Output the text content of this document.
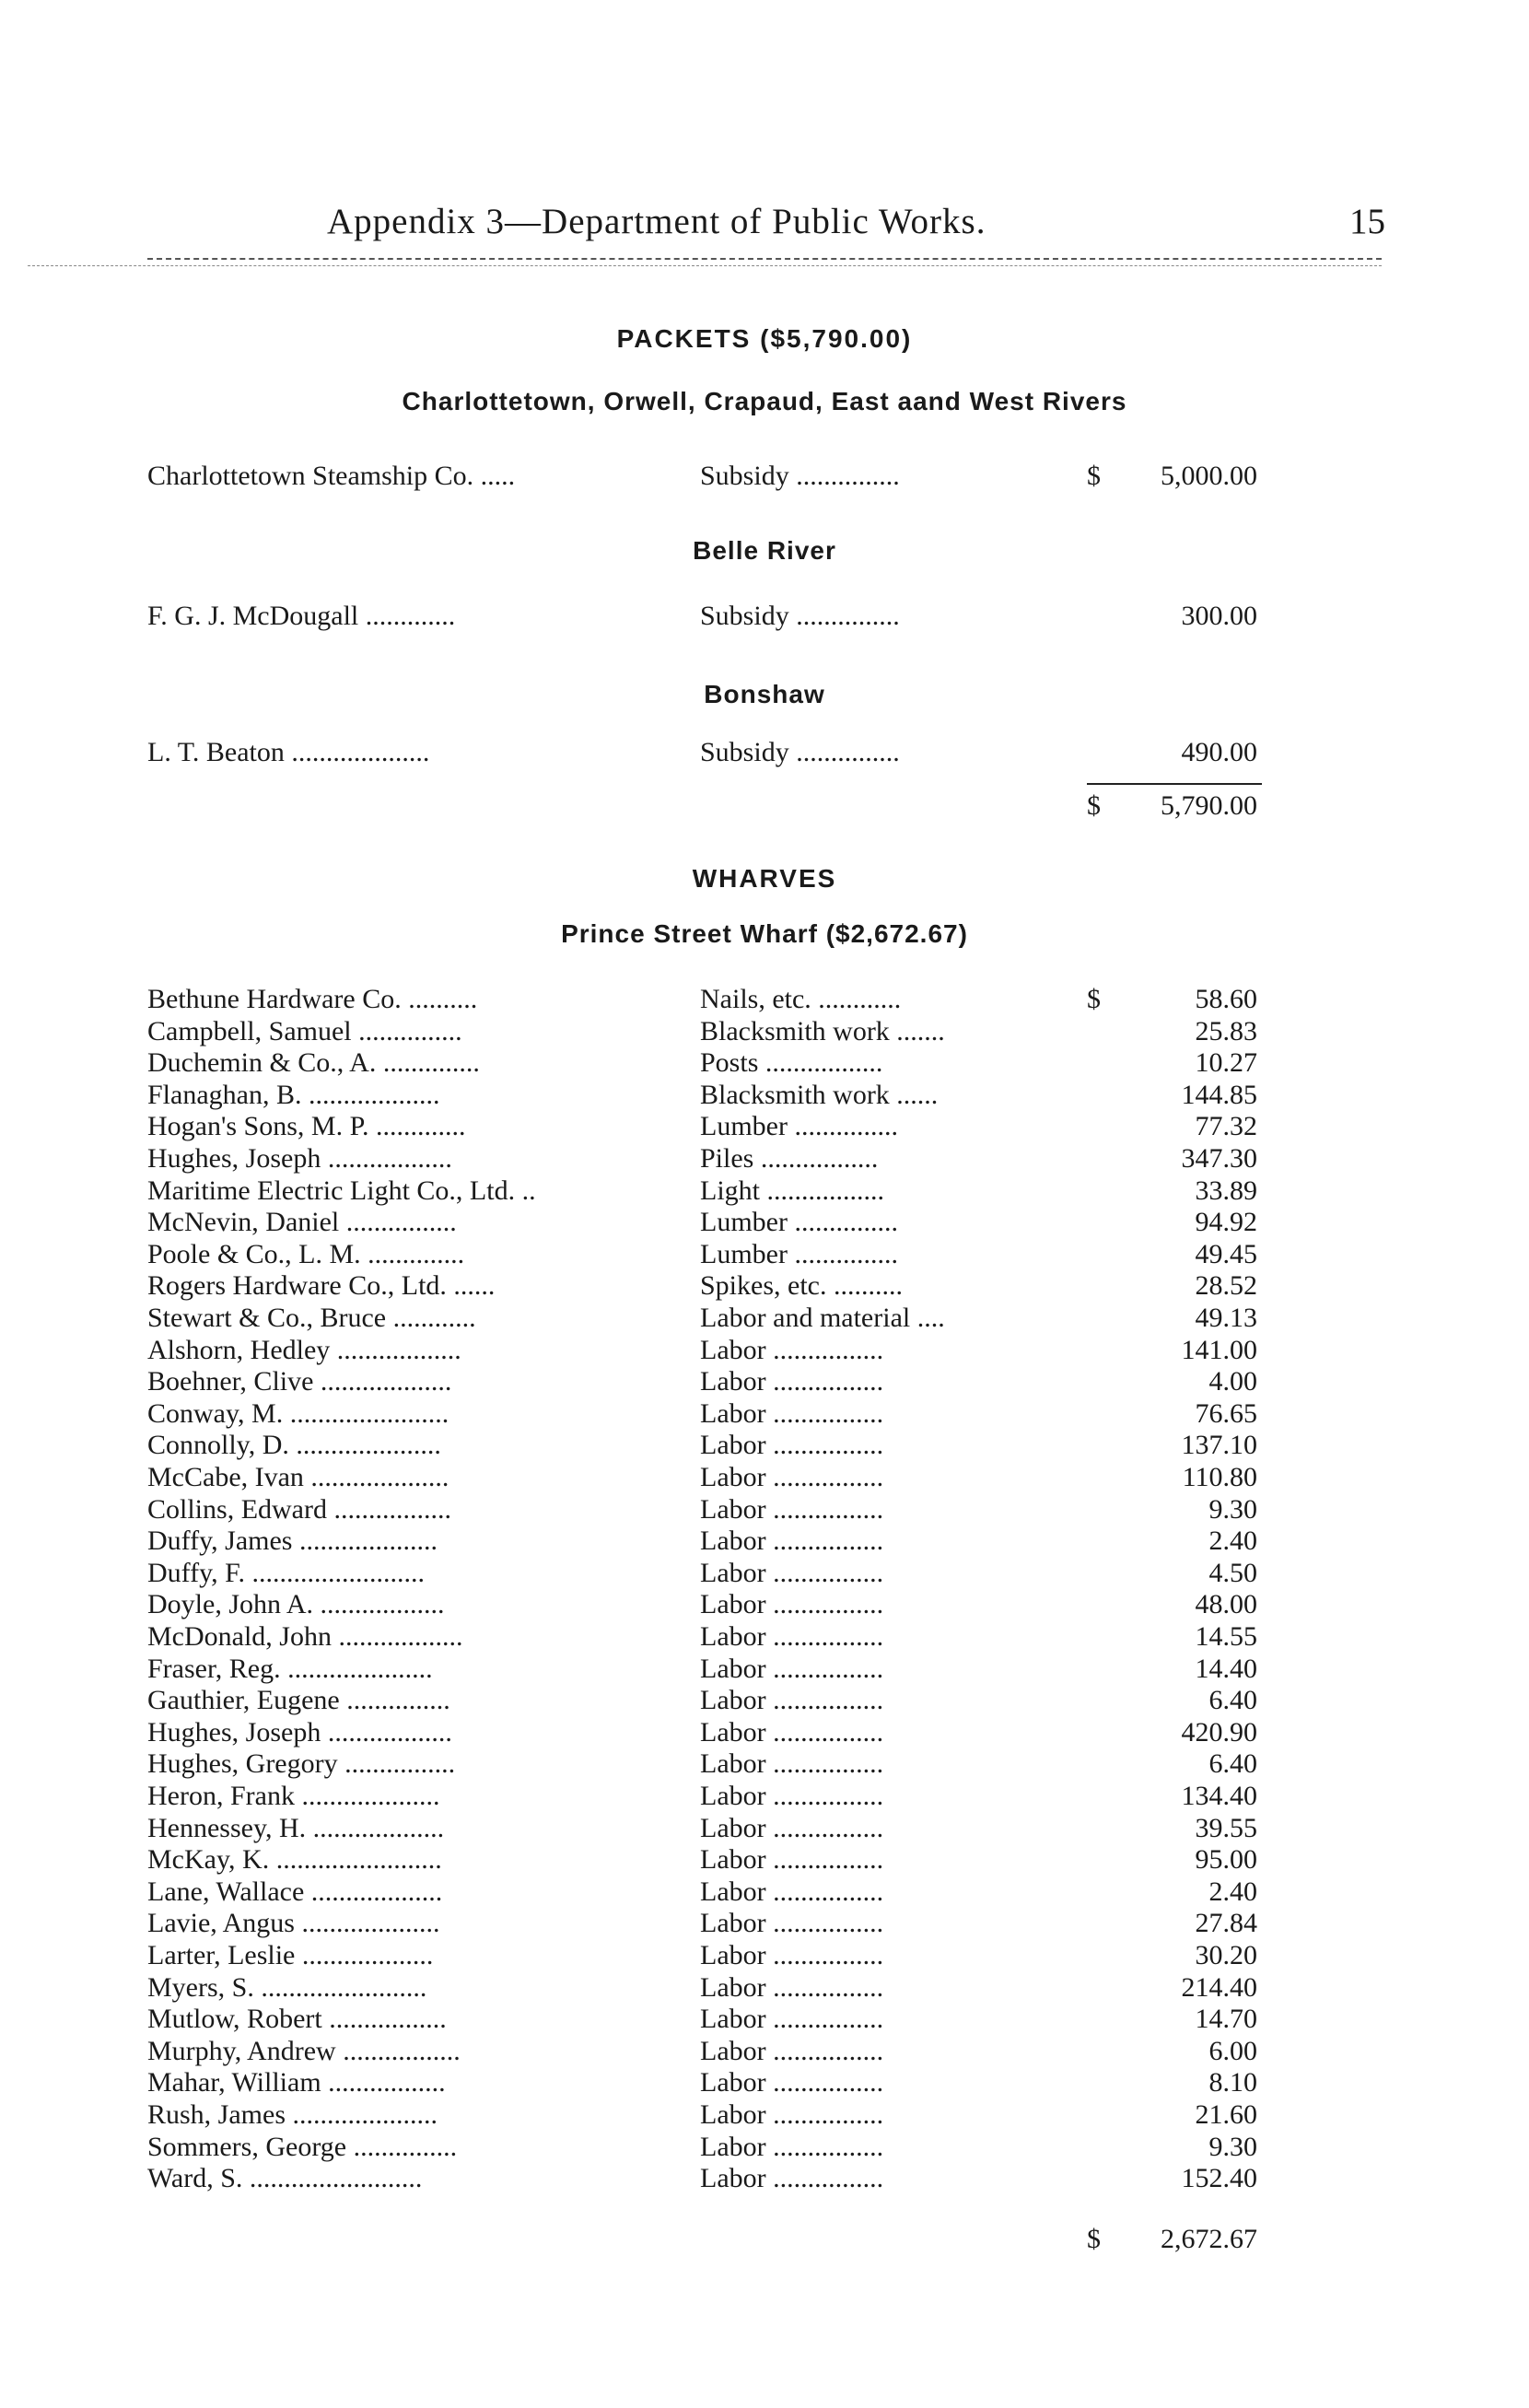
Appendix 3—Department of Public Works.	15
PACKETS ($5,790.00)
Charlottetown, Orwell, Crapaud, East aand West Rivers
Charlottetown Steamship Co. .....	Subsidy ...............	$	5,000.00
Belle River
F. G. J. McDougall .............	Subsidy ...............	300.00
Bonshaw
L. T. Beaton ....................	Subsidy ...............	490.00
$	5,790.00
WHARVES
Prince Street Wharf ($2,672.67)
Bethune Hardware Co. ..........	Nails, etc. ............	$	58.60
Campbell, Samuel ...............	Blacksmith work .......	25.83
Duchemin & Co., A. ..............	Posts .................	10.27
Flanaghan, B. ...................	Blacksmith work ......	144.85
Hogan's Sons, M. P. .............	Lumber ...............	77.32
Hughes, Joseph ..................	Piles .................	347.30
Maritime Electric Light Co., Ltd. ..	Light .................	33.89
McNevin, Daniel ................	Lumber ...............	94.92
Poole & Co., L. M. ..............	Lumber ...............	49.45
Rogers Hardware Co., Ltd. ......	Spikes, etc. ..........	28.52
Stewart & Co., Bruce ............	Labor and material ....	49.13
Alshorn, Hedley ..................	Labor ................	141.00
Boehner, Clive ...................	Labor ................	4.00
Conway, M. .......................	Labor ................	76.65
Connolly, D. .....................	Labor ................	137.10
McCabe, Ivan ....................	Labor ................	110.80
Collins, Edward .................	Labor ................	9.30
Duffy, James ....................	Labor ................	2.40
Duffy, F. .........................	Labor ................	4.50
Doyle, John A. ..................	Labor ................	48.00
McDonald, John ..................	Labor ................	14.55
Fraser, Reg. .....................	Labor ................	14.40
Gauthier, Eugene ...............	Labor ................	6.40
Hughes, Joseph ..................	Labor ................	420.90
Hughes, Gregory ................	Labor ................	6.40
Heron, Frank ....................	Labor ................	134.40
Hennessey, H. ...................	Labor ................	39.55
McKay, K. ........................	Labor ................	95.00
Lane, Wallace ...................	Labor ................	2.40
Lavie, Angus ....................	Labor ................	27.84
Larter, Leslie ...................	Labor ................	30.20
Myers, S. ........................	Labor ................	214.40
Mutlow, Robert .................	Labor ................	14.70
Murphy, Andrew .................	Labor ................	6.00
Mahar, William .................	Labor ................	8.10
Rush, James .....................	Labor ................	21.60
Sommers, George ...............	Labor ................	9.30
Ward, S. .........................	Labor ................	152.40
$	2,672.67
